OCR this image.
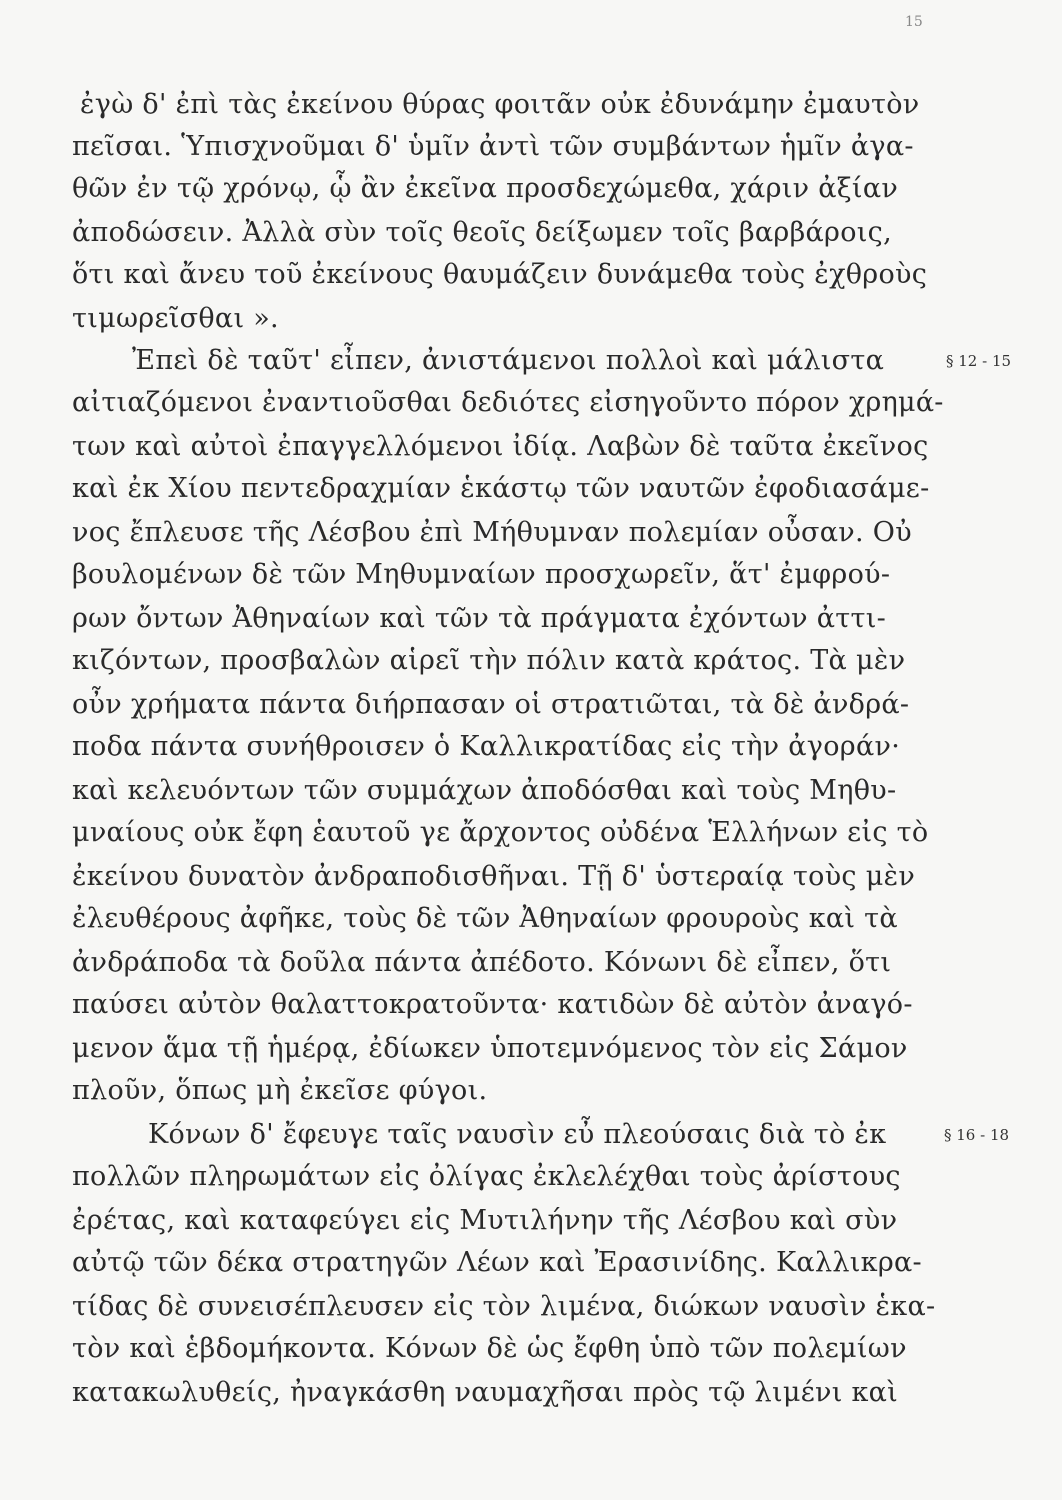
15
ἐγὼ δ' ἐπὶ τὰς ἐκείνου θύρας φοιτᾶν οὐκ ἐδυνάμην ἐμαυτὸν
πεῖσαι. Ὑπισχνοῦμαι δ' ὑμῖν ἀντὶ τῶν συμβάντων ἡμῖν ἀγα-
θῶν ἐν τῷ χρόνῳ, ᾧ ἂν ἐκεῖνα προσδεχώμεθα, χάριν ἀξίαν
ἀποδώσειν. Ἀλλὰ σὺν τοῖς θεοῖς δείξωμεν τοῖς βαρβάροις,
ὅτι καὶ ἄνευ τοῦ ἐκείνους θαυμάζειν δυνάμεθα τοὺς ἐχθροὺς
τιμωρεῖσθαι ».
Ἐπεὶ δὲ ταῦτ' εἶπεν, ἀνιστάμενοι πολλοὶ καὶ μάλιστα
αἰτιαζόμενοι ἐναντιοῦσθαι δεδιότες εἰσηγοῦντο πόρον χρημά-
των καὶ αὐτοὶ ἐπαγγελλόμενοι ἰδίᾳ. Λαβὼν δὲ ταῦτα ἐκεῖνος
καὶ ἐκ Χίου πεντεδραχμίαν ἑκάστῳ τῶν ναυτῶν ἐφοδιασάμε-
νος ἔπλευσε τῆς Λέσβου ἐπὶ Μήθυμναν πολεμίαν οὖσαν. Οὐ
βουλομένων δὲ τῶν Μηθυμναίων προσχωρεῖν, ἅτ' ἐμφρού-
ρων ὄντων Ἀθηναίων καὶ τῶν τὰ πράγματα ἐχόντων ἀττι-
κιζόντων, προσβαλὼν αἱρεῖ τὴν πόλιν κατὰ κράτος. Τὰ μὲν
οὖν χρήματα πάντα διήρπασαν οἱ στρατιῶται, τὰ δὲ ἀνδρά-
ποδα πάντα συνήθροισεν ὁ Καλλικρατίδας εἰς τὴν ἀγοράν·
καὶ κελευόντων τῶν συμμάχων ἀποδόσθαι καὶ τοὺς Μηθυ-
μναίους οὐκ ἔφη ἑαυτοῦ γε ἄρχοντος οὐδένα Ἑλλήνων εἰς τὸ
ἐκείνου δυνατὸν ἀνδραποδισθῆναι. Τῇ δ' ὑστεραίᾳ τοὺς μὲν
ἐλευθέρους ἀφῆκε, τοὺς δὲ τῶν Ἀθηναίων φρουροὺς καὶ τὰ
ἀνδράποδα τὰ δοῦλα πάντα ἀπέδοτο. Κόνωνι δὲ εἶπεν, ὅτι
παύσει αὐτὸν θαλαττοκρατοῦντα· κατιδὼν δὲ αὐτὸν ἀναγό-
μενον ἅμα τῇ ἡμέρᾳ, ἐδίωκεν ὑποτεμνόμενος τὸν εἰς Σάμον
πλοῦν, ὅπως μὴ ἐκεῖσε φύγοι.
Κόνων δ' ἔφευγε ταῖς ναυσὶν εὖ πλεούσαις διὰ τὸ ἐκ
πολλῶν πληρωμάτων εἰς ὀλίγας ἐκλελέχθαι τοὺς ἀρίστους
ἐρέτας, καὶ καταφεύγει εἰς Μυτιλήνην τῆς Λέσβου καὶ σὺν
αὐτῷ τῶν δέκα στρατηγῶν Λέων καὶ Ἐρασινίδης. Καλλικρα-
τίδας δὲ συνεισέπλευσεν εἰς τὸν λιμένα, διώκων ναυσὶν ἑκα-
τὸν καὶ ἑβδομήκοντα. Κόνων δὲ ὡς ἔφθη ὑπὸ τῶν πολεμίων
κατακωλυθείς, ἠναγκάσθη ναυμαχῆσαι πρὸς τῷ λιμένι καὶ
§ 12 - 15
§ 16 - 18
